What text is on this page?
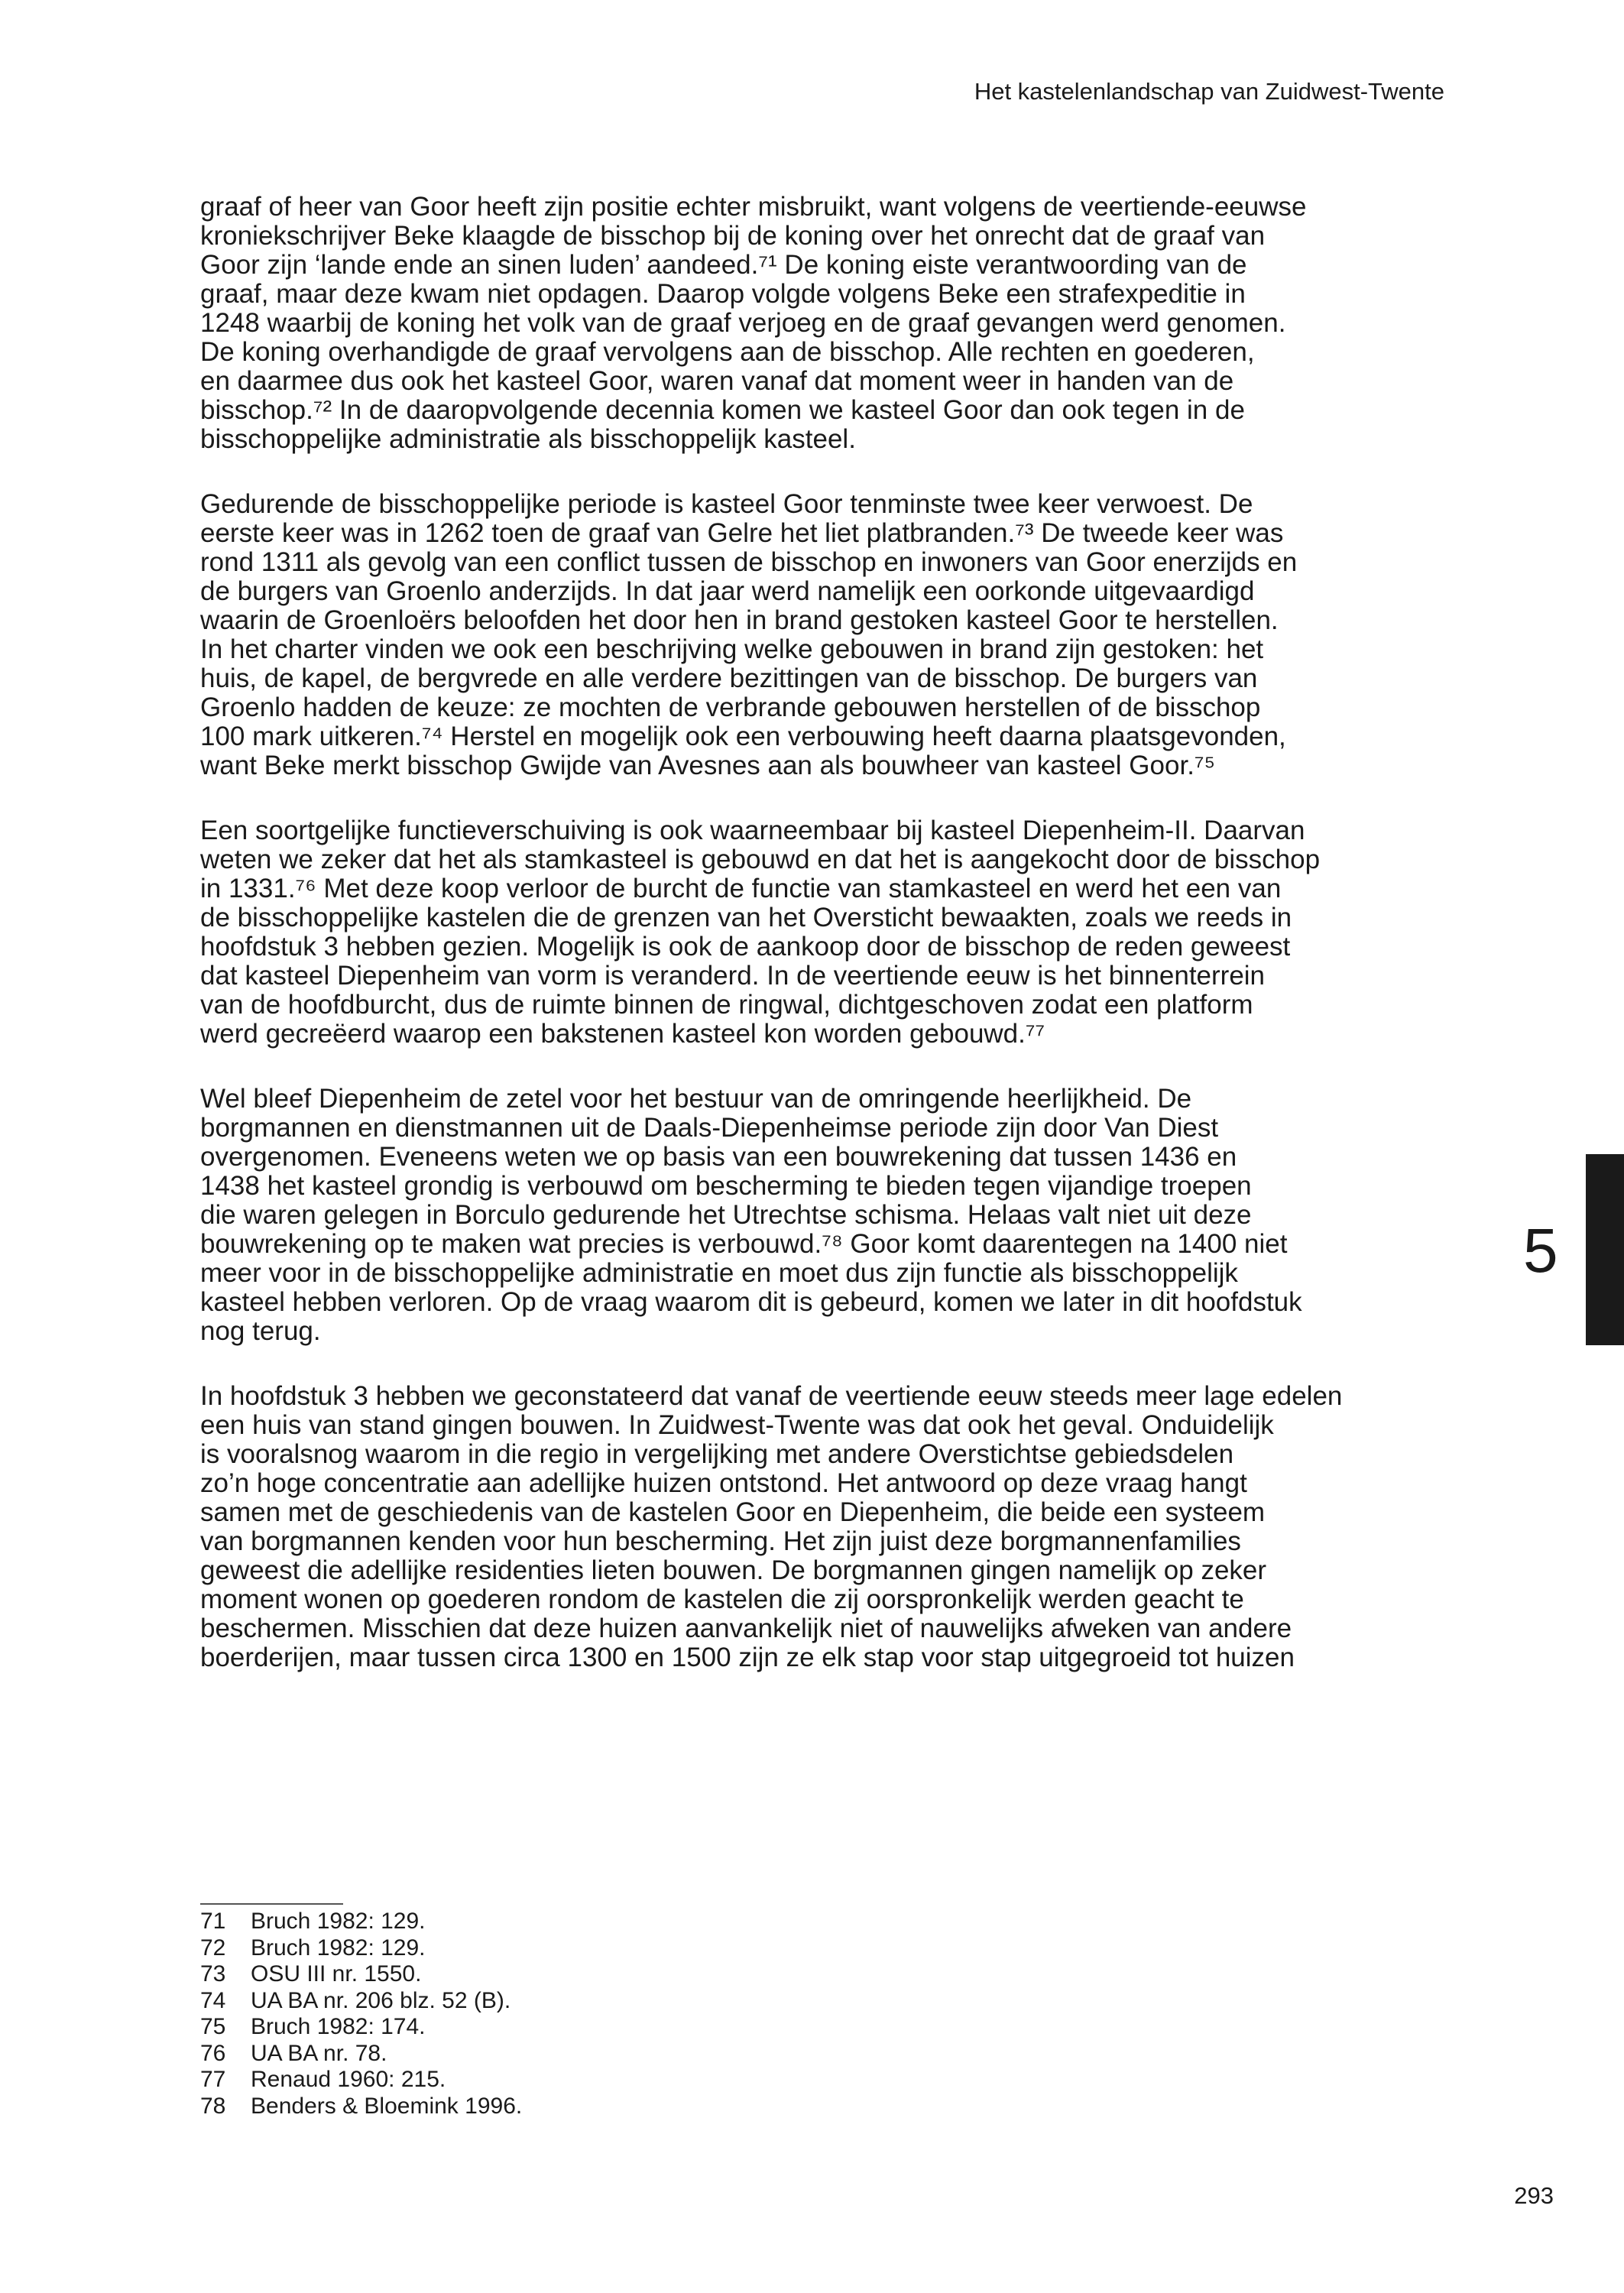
Het kastelenlandschap van Zuidwest-Twente

graaf of heer van Goor heeft zijn positie echter misbruikt, want volgens de veertiende-eeuwse
kroniekschrijver Beke klaagde de bisschop bij de koning over het onrecht dat de graaf van
Goor zijn ‘lande ende an sinen luden’ aandeed.⁷¹ De koning eiste verantwoording van de
graaf, maar deze kwam niet opdagen. Daarop volgde volgens Beke een strafexpeditie in
1248 waarbij de koning het volk van de graaf verjoeg en de graaf gevangen werd genomen.
De koning overhandigde de graaf vervolgens aan de bisschop. Alle rechten en goederen,
en daarmee dus ook het kasteel Goor, waren vanaf dat moment weer in handen van de
bisschop.⁷² In de daaropvolgende decennia komen we kasteel Goor dan ook tegen in de
bisschoppelijke administratie als bisschoppelijk kasteel.

Gedurende de bisschoppelijke periode is kasteel Goor tenminste twee keer verwoest. De
eerste keer was in 1262 toen de graaf van Gelre het liet platbranden.⁷³ De tweede keer was
rond 1311 als gevolg van een conflict tussen de bisschop en inwoners van Goor enerzijds en
de burgers van Groenlo anderzijds. In dat jaar werd namelijk een oorkonde uitgevaardigd
waarin de Groenloërs beloofden het door hen in brand gestoken kasteel Goor te herstellen.
In het charter vinden we ook een beschrijving welke gebouwen in brand zijn gestoken: het
huis, de kapel, de bergvrede en alle verdere bezittingen van de bisschop. De burgers van
Groenlo hadden de keuze: ze mochten de verbrande gebouwen herstellen of de bisschop
100 mark uitkeren.⁷⁴ Herstel en mogelijk ook een verbouwing heeft daarna plaatsgevonden,
want Beke merkt bisschop Gwijde van Avesnes aan als bouwheer van kasteel Goor.⁷⁵

Een soortgelijke functieverschuiving is ook waarneembaar bij kasteel Diepenheim-II. Daarvan
weten we zeker dat het als stamkasteel is gebouwd en dat het is aangekocht door de bisschop
in 1331.⁷⁶ Met deze koop verloor de burcht de functie van stamkasteel en werd het een van
de bisschoppelijke kastelen die de grenzen van het Oversticht bewaakten, zoals we reeds in
hoofdstuk 3 hebben gezien. Mogelijk is ook de aankoop door de bisschop de reden geweest
dat kasteel Diepenheim van vorm is veranderd. In de veertiende eeuw is het binnenterrein
van de hoofdburcht, dus de ruimte binnen de ringwal, dichtgeschoven zodat een platform
werd gecreëerd waarop een bakstenen kasteel kon worden gebouwd.⁷⁷

Wel bleef Diepenheim de zetel voor het bestuur van de omringende heerlijkheid. De
borgmannen en dienstmannen uit de Daals-Diepenheimse periode zijn door Van Diest
overgenomen. Eveneens weten we op basis van een bouwrekening dat tussen 1436 en
1438 het kasteel grondig is verbouwd om bescherming te bieden tegen vijandige troepen
die waren gelegen in Borculo gedurende het Utrechtse schisma. Helaas valt niet uit deze
bouwrekening op te maken wat precies is verbouwd.⁷⁸ Goor komt daarentegen na 1400 niet
meer voor in de bisschoppelijke administratie en moet dus zijn functie als bisschoppelijk
kasteel hebben verloren. Op de vraag waarom dit is gebeurd, komen we later in dit hoofdstuk
nog terug.

In hoofdstuk 3 hebben we geconstateerd dat vanaf de veertiende eeuw steeds meer lage edelen
een huis van stand gingen bouwen. In Zuidwest-Twente was dat ook het geval. Onduidelijk
is vooralsnog waarom in die regio in vergelijking met andere Overstichtse gebiedsdelen
zo’n hoge concentratie aan adellijke huizen ontstond. Het antwoord op deze vraag hangt
samen met de geschiedenis van de kastelen Goor en Diepenheim, die beide een systeem
van borgmannen kenden voor hun bescherming. Het zijn juist deze borgmannenfamilies
geweest die adellijke residenties lieten bouwen. De borgmannen gingen namelijk op zeker
moment wonen op goederen rondom de kastelen die zij oorspronkelijk werden geacht te
beschermen. Misschien dat deze huizen aanvankelijk niet of nauwelijks afweken van andere
boerderijen, maar tussen circa 1300 en 1500 zijn ze elk stap voor stap uitgegroeid tot huizen

71 Bruch 1982: 129.
72 Bruch 1982: 129.
73 OSU III nr. 1550.
74 UA BA nr. 206 blz. 52 (B).
75 Bruch 1982: 174.
76 UA BA nr. 78.
77 Renaud 1960: 215.
78 Benders & Bloemink 1996.
5
293
